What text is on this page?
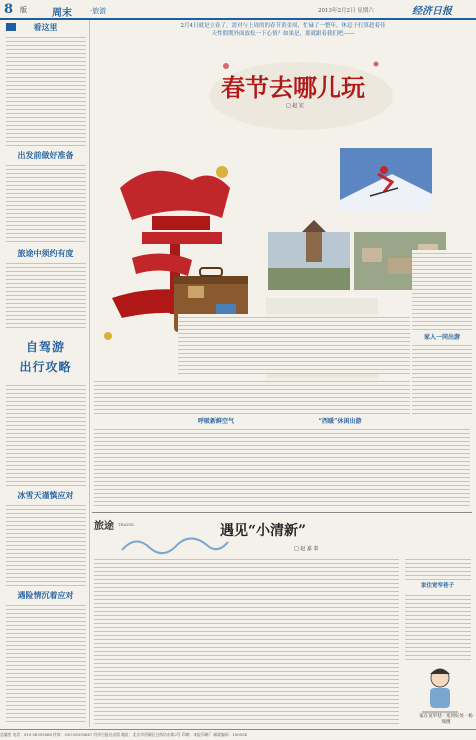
8 版	周末	·旅游	2013年2月2日 星期六	经济日报
看这里
出发前做好准备
旅途中须约有度
自驾游
出行攻略
冰雪天谨慎应对
遇险情沉着应对
2月4日就是立春了，需对与上周的的春节黄金周，忙碌了一整年，休息于打算趁着佳
天性假期外面放松一下心情？如果是，那就跟着我们吧——
春节去哪儿玩
□ 赵 宏
家人一同出游
呼吸新鲜空气	“西暖”休闲出游
旅途 TRAVEL	遇见“小清新”
□ 赵 嘉 泰
家住宽窄巷子
家在宽窄巷 · 宽到好处 · 杨 瑞摄
总编室 电话：010-58393668 传真：010-58393667 经济日报社出版 地址：北京市西城区白纸坊东街2号 印刷：本报印刷厂 邮政编码：100054
